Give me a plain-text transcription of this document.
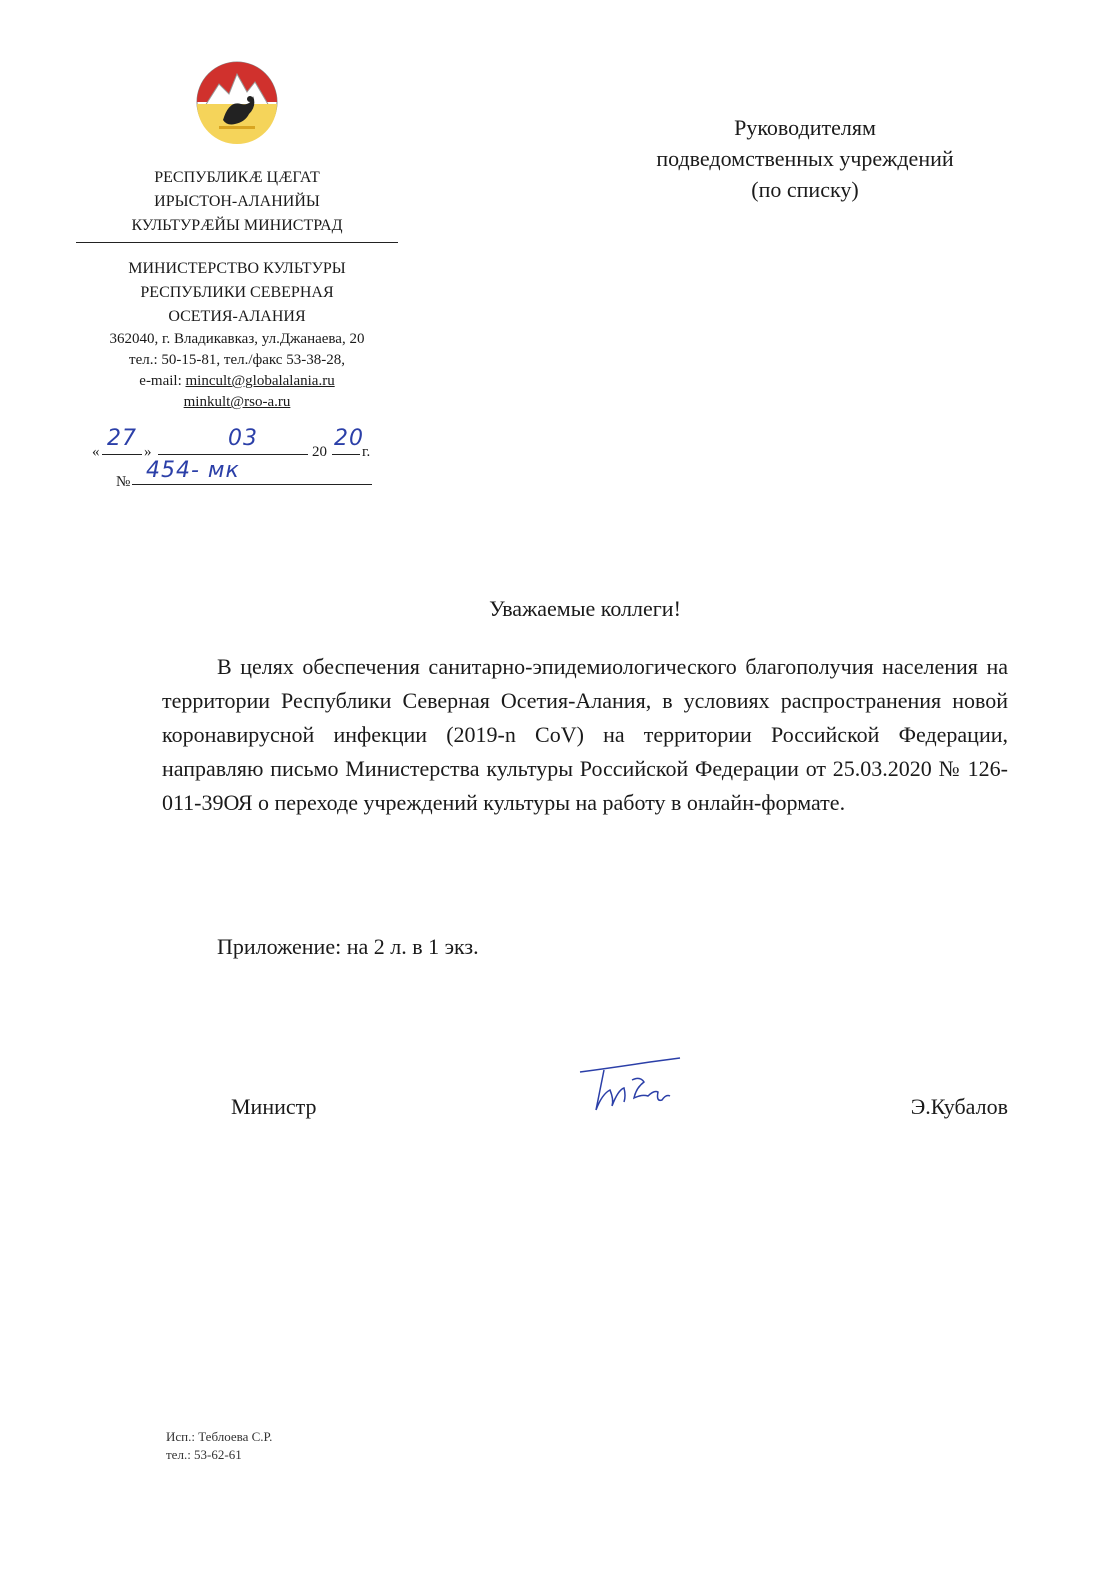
РЕСПУБЛИКÆ ЦÆГАТ
ИРЫСТОН-АЛАНИЙЫ
КУЛЬТУРÆЙЫ МИНИСТРАД
МИНИСТЕРСТВО КУЛЬТУРЫ
РЕСПУБЛИКИ СЕВЕРНАЯ
ОСЕТИЯ-АЛАНИЯ
362040, г. Владикавказ, ул.Джанаева, 20
тел.: 50-15-81, тел./факс 53-38-28,
e-mail: mincult@globalalania.ru
minkult@rso-a.ru
«
27
»
03
20
20
г.
№ 454- мк
Руководителям
подведомственных учреждений
(по списку)
Уважаемые коллеги!

В целях обеспечения санитарно-эпидемиологического благополучия населения на территории Республики Северная Осетия-Алания, в условиях распространения новой коронавирусной инфекции (2019-n CoV) на территории Российской Федерации, направляю письмо Министерства культуры Российской Федерации от 25.03.2020 № 126-011-39ОЯ о переходе учреждений культуры на работу в онлайн-формате.

Приложение: на 2 л. в 1 экз.
Министр	Э.Кубалов
Исп.: Теблоева С.Р.
тел.: 53-62-61
